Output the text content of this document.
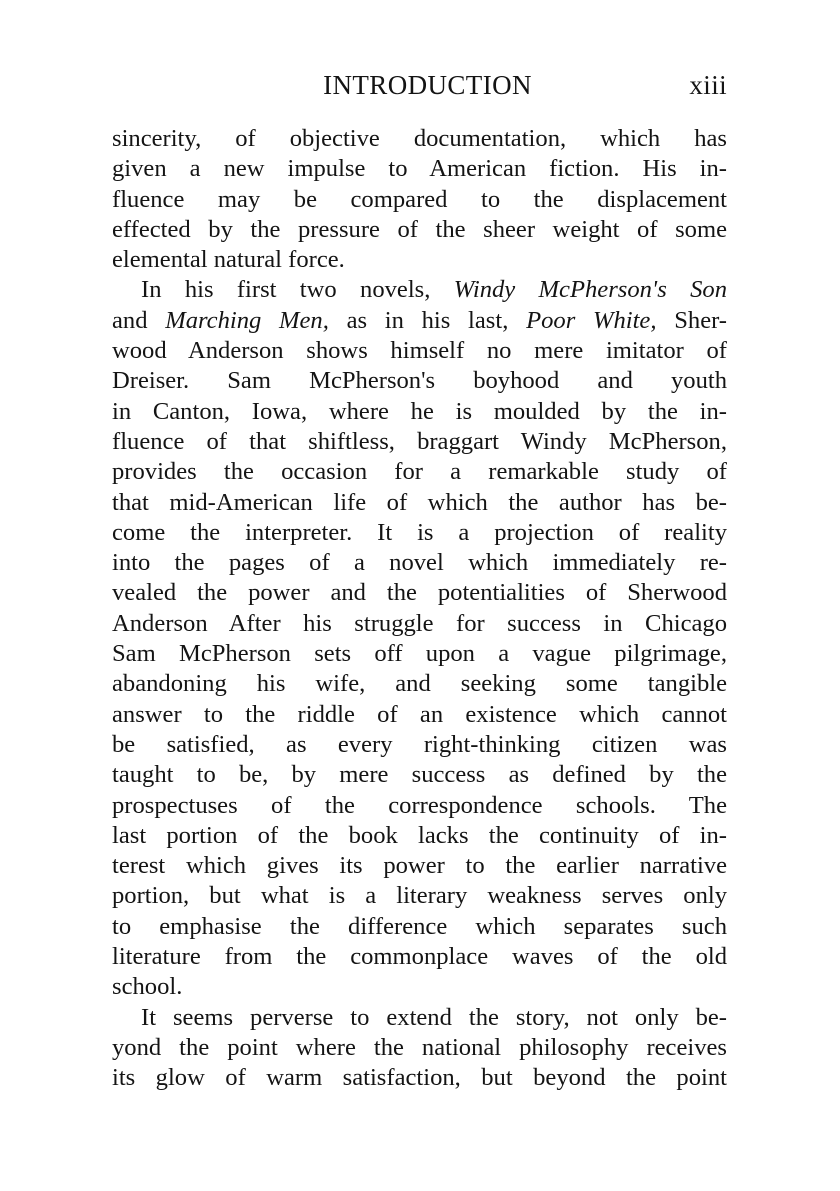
INTRODUCTION	xiii
sincerity, of objective documentation, which has
given a new impulse to American fiction. His in-
fluence may be compared to the displacement
effected by the pressure of the sheer weight of some
elemental natural force.
In his first two novels, Windy McPherson's Son
and Marching Men, as in his last, Poor White, Sher-
wood Anderson shows himself no mere imitator of
Dreiser. Sam McPherson's boyhood and youth
in Canton, Iowa, where he is moulded by the in-
fluence of that shiftless, braggart Windy McPherson,
provides the occasion for a remarkable study of
that mid-American life of which the author has be-
come the interpreter. It is a projection of reality
into the pages of a novel which immediately re-
vealed the power and the potentialities of Sherwood
Anderson After his struggle for success in Chicago
Sam McPherson sets off upon a vague pilgrimage,
abandoning his wife, and seeking some tangible
answer to the riddle of an existence which cannot
be satisfied, as every right-thinking citizen was
taught to be, by mere success as defined by the
prospectuses of the correspondence schools. The
last portion of the book lacks the continuity of in-
terest which gives its power to the earlier narrative
portion, but what is a literary weakness serves only
to emphasise the difference which separates such
literature from the commonplace waves of the old
school.
It seems perverse to extend the story, not only be-
yond the point where the national philosophy receives
its glow of warm satisfaction, but beyond the point
